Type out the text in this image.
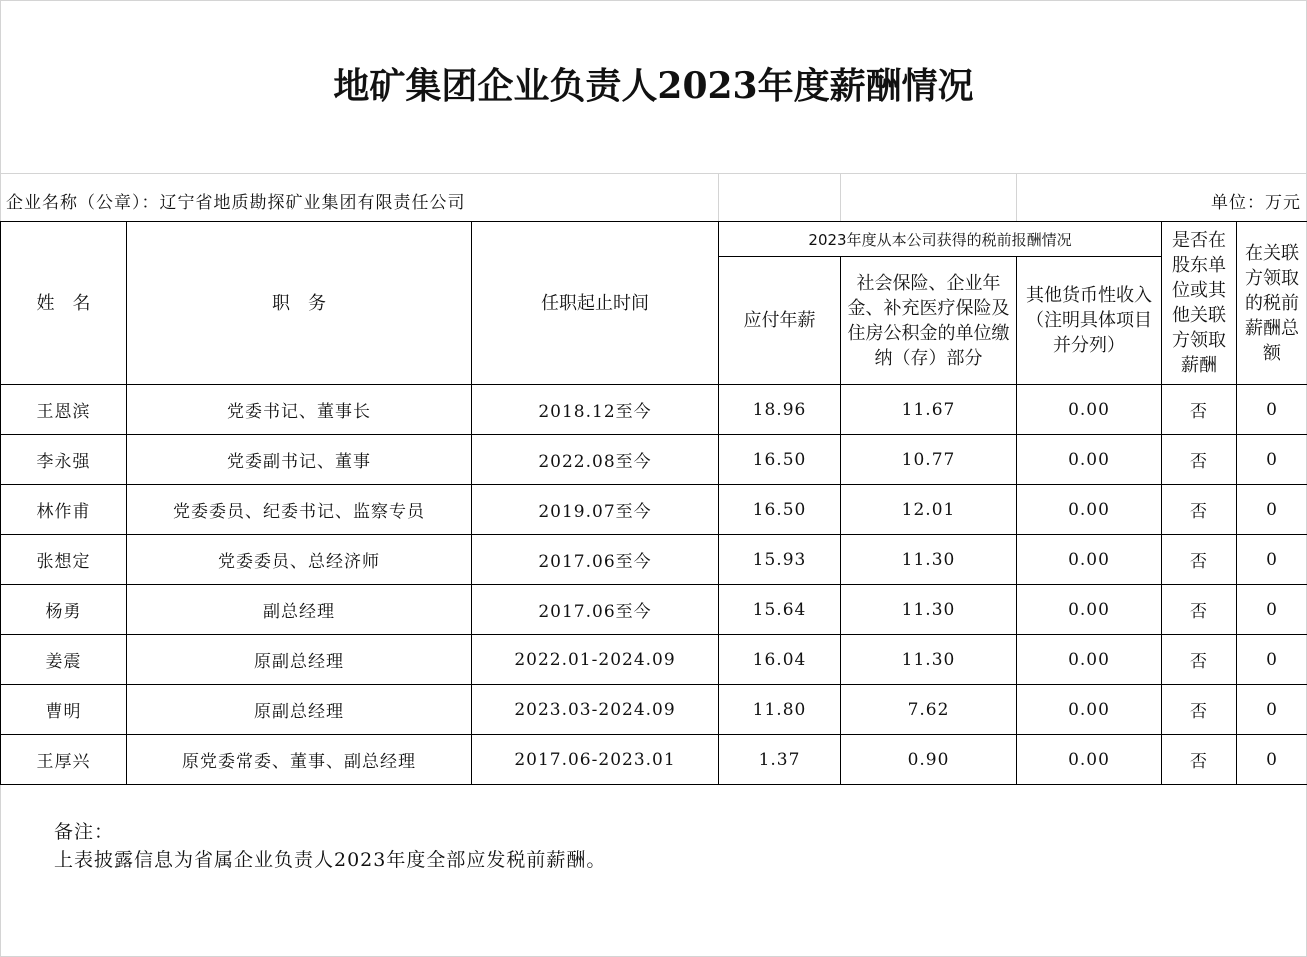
地矿集团企业负责人2023年度薪酬情况
企业名称（公章）：辽宁省地质勘探矿业集团有限责任公司	单位：万元
姓　名	职　务	任职起止时间	2023年度从本公司获得的税前报酬情况			是否在股东单位或其他关联方领取薪酬	在关联方领取的税前薪酬总额
			应付年薪	社会保险、企业年金、补充医疗保险及住房公积金的单位缴纳（存）部分	其他货币性收入（注明具体项目并分列）		
王恩滨	党委书记、董事长	2018.12至今	18.96	11.67	0.00	否	0
李永强	党委副书记、董事	2022.08至今	16.50	10.77	0.00	否	0
林作甫	党委委员、纪委书记、监察专员	2019.07至今	16.50	12.01	0.00	否	0
张想定	党委委员、总经济师	2017.06至今	15.93	11.30	0.00	否	0
杨勇	副总经理	2017.06至今	15.64	11.30	0.00	否	0
姜震	原副总经理	2022.01-2024.09	16.04	11.30	0.00	否	0
曹明	原副总经理	2023.03-2024.09	11.80	7.62	0.00	否	0
王厚兴	原党委常委、董事、副总经理	2017.06-2023.01	1.37	0.90	0.00	否	0
备注：
上表披露信息为省属企业负责人2023年度全部应发税前薪酬。
